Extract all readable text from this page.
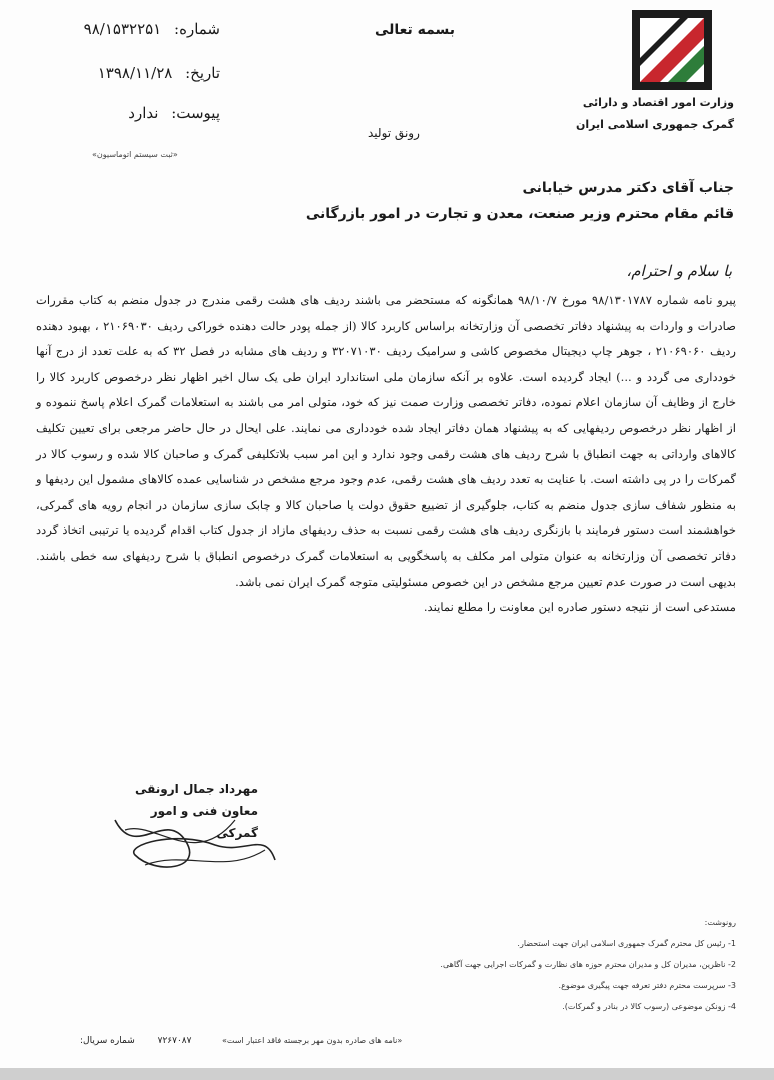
شماره: ۹۸/۱۵۳۲۲۵۱
تاریخ: ۱۳۹۸/۱۱/۲۸
پیوست: ندارد
«ثبت سیستم اتوماسیون»
بسمه تعالی
رونق تولید
وزارت امور اقتصاد و دارائی
گمرک جمهوری اسلامی ایران
جناب آقای دکتر مدرس خیابانی
قائم مقام محترم وزیر صنعت، معدن و تجارت در امور بازرگانی
با سلام و احترام،

پیرو نامه شماره ۹۸/۱۳۰۱۷۸۷ مورخ ۹۸/۱۰/۷ همانگونه که مستحضر می باشند ردیف های هشت رقمی مندرج در جدول منضم به کتاب مقررات صادرات و واردات به پیشنهاد دفاتر تخصصی آن وزارتخانه براساس کاربرد کالا (از جمله پودر حالت دهنده خوراکی ردیف ۲۱۰۶۹۰۳۰ ، بهبود دهنده ردیف ۲۱۰۶۹۰۶۰ ، جوهر چاپ دیجیتال مخصوص کاشی و سرامیک ردیف ۳۲۰۷۱۰۳۰ و ردیف های مشابه در فصل ۳۲ که به علت تعدد از درج آنها خودداری می گردد و ...) ایجاد گردیده است. علاوه بر آنکه سازمان ملی استاندارد ایران طی یک سال اخیر اظهار نظر درخصوص کاربرد کالا را خارج از وظایف آن سازمان اعلام نموده، دفاتر تخصصی وزارت صمت نیز که خود، متولی امر می باشند به استعلامات گمرک اعلام پاسخ ننموده و از اظهار نظر درخصوص ردیفهایی که به پیشنهاد همان دفاتر ایجاد شده خودداری می نمایند. علی ایحال در حال حاضر مرجعی برای تعیین تکلیف کالاهای وارداتی به جهت انطباق با شرح ردیف های هشت رقمی وجود ندارد و این امر سبب بلاتکلیفی گمرک و صاحبان کالا شده و رسوب کالا در گمرکات را در پی داشته است. با عنایت به تعدد ردیف های هشت رقمی، عدم وجود مرجع مشخص در شناسایی عمده کالاهای مشمول این ردیفها و به منظور شفاف سازی جدول منضم به کتاب، جلوگیری از تضییع حقوق دولت یا صاحبان کالا و چابک سازی سازمان در انجام رویه های گمرکی، خواهشمند است دستور فرمایند با بازنگری ردیف های هشت رقمی نسبت به حذف ردیفهای مازاد از جدول کتاب اقدام گردیده یا ترتیبی اتخاذ گردد دفاتر تخصصی آن وزارتخانه به عنوان متولی امر مکلف به پاسخگویی به استعلامات گمرک درخصوص انطباق با شرح ردیفهای سه خطی باشند. بدیهی است در صورت عدم تعیین مرجع مشخص در این خصوص مسئولیتی متوجه گمرک ایران نمی باشد.

مستدعی است از نتیجه دستور صادره این معاونت را مطلع نمایند.

مهرداد جمال ارونقی
معاون فنی و امور گمرکی
رونوشت:
1- رئیس کل محترم گمرک جمهوری اسلامی ایران جهت استحضار.
2- ناظرین، مدیران کل و مدیران محترم حوزه های نظارت و گمرکات اجرایی جهت آگاهی.
3- سرپرست محترم دفتر تعرفه جهت پیگیری موضوع.
4- زونکن موضوعی (رسوب کالا در بنادر و گمرکات).
۷۲۶۷۰۸۷        شماره سریال:	«نامه های صادره بدون مهر برجسته فاقد اعتبار است»
